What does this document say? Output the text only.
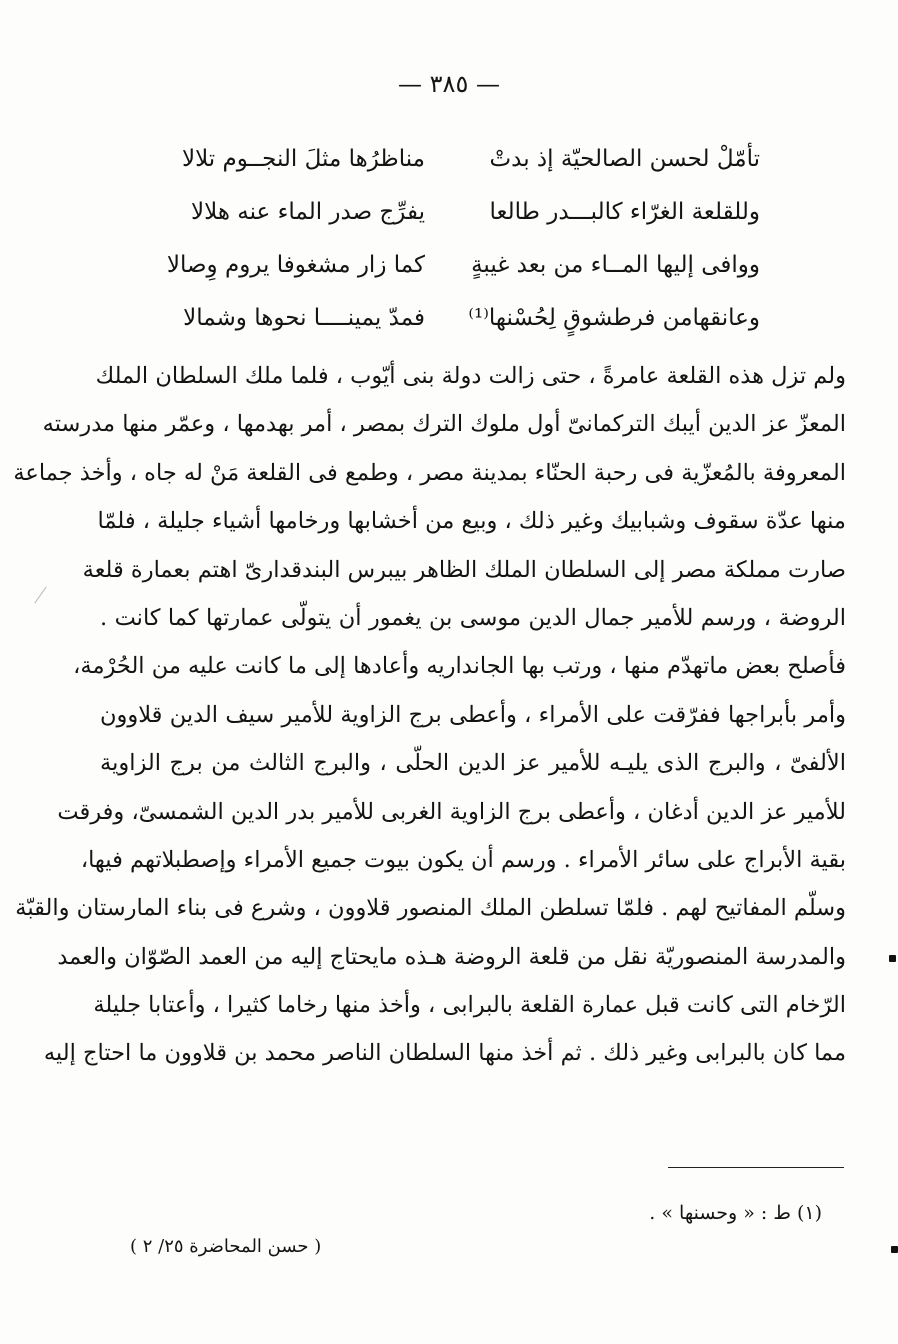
— ٣٨٥ —
تأمّلْ لحسن الصالحيّة إذ بدتْ
مناظرُها مثلَ النجــوم تلالا
وللقلعة الغرّاء كالبـــدر طالعا
يفرِّج صدر الماء عنه هلالا
ووافى إليها المــاء من بعد غيبةٍ
كما زار مشغوفا يروم وِصالا
وعانقهامن فرطشوقٍ لِحُسْنها⁽¹⁾
فمدّ يمينــــا نحوها وشمالا
ولم تزل هذه القلعة عامرةً ، حتى زالت دولة بنى أيّوب ، فلما ملك السلطان الملك
المعزّ عز الدين أيبك التركمانىّ أول ملوك الترك بمصر ، أمر بهدمها ، وعمّر منها مدرسته
المعروفة بالمُعزّية فى رحبة الحنّاء بمدينة مصر ، وطمع فى القلعة مَنْ له جاه ، وأخذ جماعة
منها عدّة سقوف وشبابيك وغير ذلك ، وبيع من أخشابها ورخامها أشياء جليلة ، فلمّا
صارت مملكة مصر إلى السلطان الملك الظاهر بيبرس البندقدارىّ اهتم بعمارة قلعة
الروضة ، ورسم للأمير جمال الدين موسى بن يغمور أن يتولّى عمارتها كما كانت .
فأصلح بعض ماتهدّم منها ، ورتب بها الجانداريه وأعادها إلى ما كانت عليه من الحُرْمة،
وأمر بأبراجها ففرّقت على الأمراء ، وأعطى برج الزاوية للأمير سيف الدين قلاوون
الألفىّ ، والبرج الذى يليـه للأمير عز الدين الحلّى ، والبرج الثالث من برج الزاوية
للأمير عز الدين أدغان ، وأعطى برج الزاوية الغربى للأمير بدر الدين الشمسىّ، وفرقت
بقية الأبراج على سائر الأمراء . ورسم أن يكون بيوت جميع الأمراء وإصطبلاتهم فيها،
وسلّم المفاتيح لهم . فلمّا تسلطن الملك المنصور قلاوون ، وشرع فى بناء المارستان والقبّة
والمدرسة المنصوريّة نقل من قلعة الروضة هـذه مايحتاج إليه من العمد الصّوّان والعمد
الرّخام التى كانت قبل عمارة القلعة بالبرابى ، وأخذ منها رخاما كثيرا ، وأعتابا جليلة
مما كان بالبرابى وغير ذلك . ثم أخذ منها السلطان الناصر محمد بن قلاوون ما احتاج إليه
(١) ط : « وحسنها » .
( حسن المحاضرة ٢٥/ ٢ )
